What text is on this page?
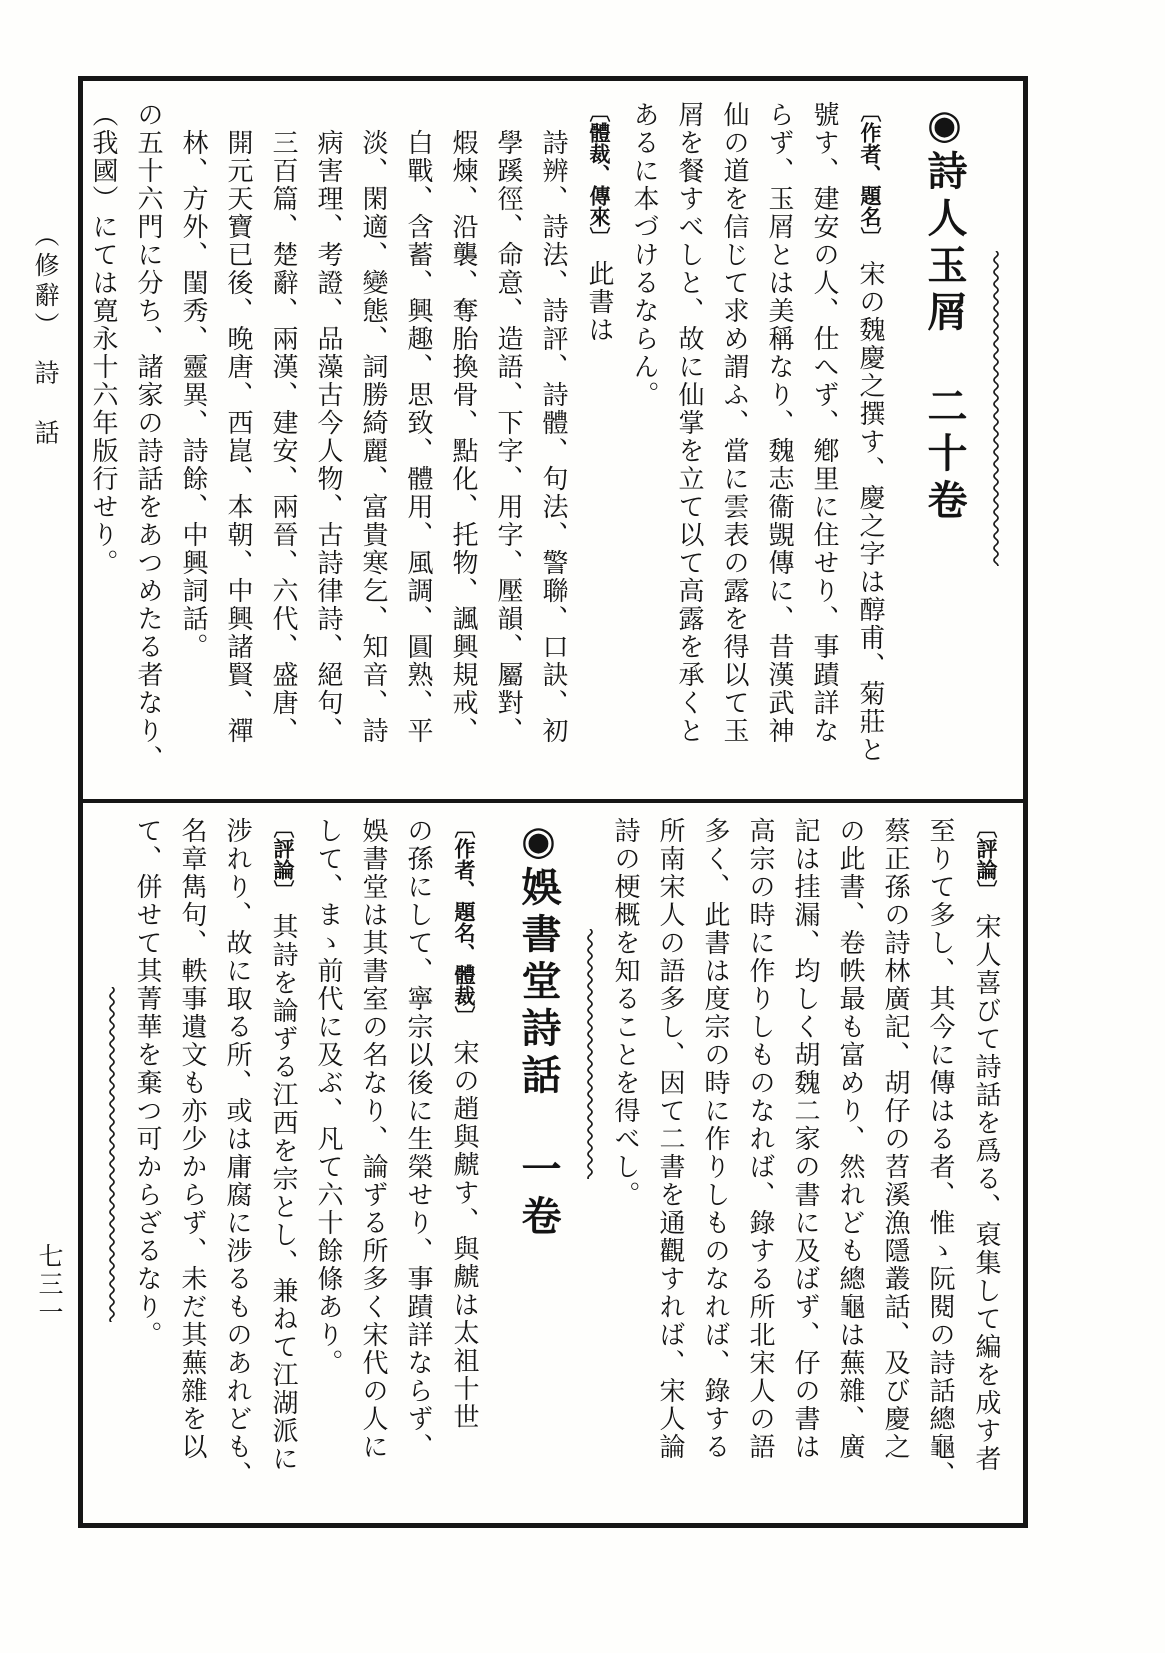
（修辭）　詩　話
七三一
◉詩人玉屑　二十卷
〔作者、題名〕宋の魏慶之撰す、慶之字は醇甫、菊莊と
號す、建安の人、仕へず、鄕里に住せり、事蹟詳な
らず、玉屑とは美稱なり、魏志衞覬傳に、昔漢武神
仙の道を信じて求め謂ふ、當に雲表の露を得以て玉
屑を餐すべしと、故に仙掌を立て以て高露を承くと
あるに本づけるならん。
〔體裁、傳來〕此書は
詩辨、詩法、詩評、詩體、句法、警聯、口訣、初
學蹊徑、命意、造語、下字、用字、壓韻、屬對、
煆煉、沿襲、奪胎換骨、點化、托物、諷興規戒、
白戰、含蓄、興趣、思致、體用、風調、圓熟、平
淡、閑適、變態、詞勝綺麗、富貴寒乞、知音、詩
病害理、考證、品藻古今人物、古詩律詩、絕句、
三百篇、楚辭、兩漢、建安、兩晉、六代、盛唐、
開元天寶已後、晚唐、西崑、本朝、中興諸賢、禪
林、方外、閨秀、靈異、詩餘、中興詞話。
の五十六門に分ち、諸家の詩話をあつめたる者なり、
（我國）にては寛永十六年版行せり。
〔評論〕宋人喜びて詩話を爲る、裒集して編を成す者
至りて多し、其今に傳はる者、惟ゝ阮閱の詩話總龜、
蔡正孫の詩林廣記、胡仔の苕溪漁隱叢話、及び慶之
の此書、卷帙最も富めり、然れども總龜は蕪雜、廣
記は挂漏、均しく胡魏二家の書に及ばず、仔の書は
高宗の時に作りしものなれば、錄する所北宋人の語
多く、此書は度宗の時に作りしものなれば、錄する
所南宋人の語多し、因て二書を通觀すれば、宋人論
詩の梗概を知ることを得べし。
◉娛書堂詩話　一卷
〔作者、題名、體裁〕宋の趙與虤す、與虤は太祖十世
の孫にして、寧宗以後に生榮せり、事蹟詳ならず、
娛書堂は其書室の名なり、論ずる所多く宋代の人に
して、まゝ前代に及ぶ、凡て六十餘條あり。
〔評論〕其詩を論ずる江西を宗とし、兼ねて江湖派に
涉れり、故に取る所、或は庸腐に涉るものあれども、
名章雋句、軼事遺文も亦少からず、未だ其蕪雜を以
て、併せて其菁華を棄つ可からざるなり。
